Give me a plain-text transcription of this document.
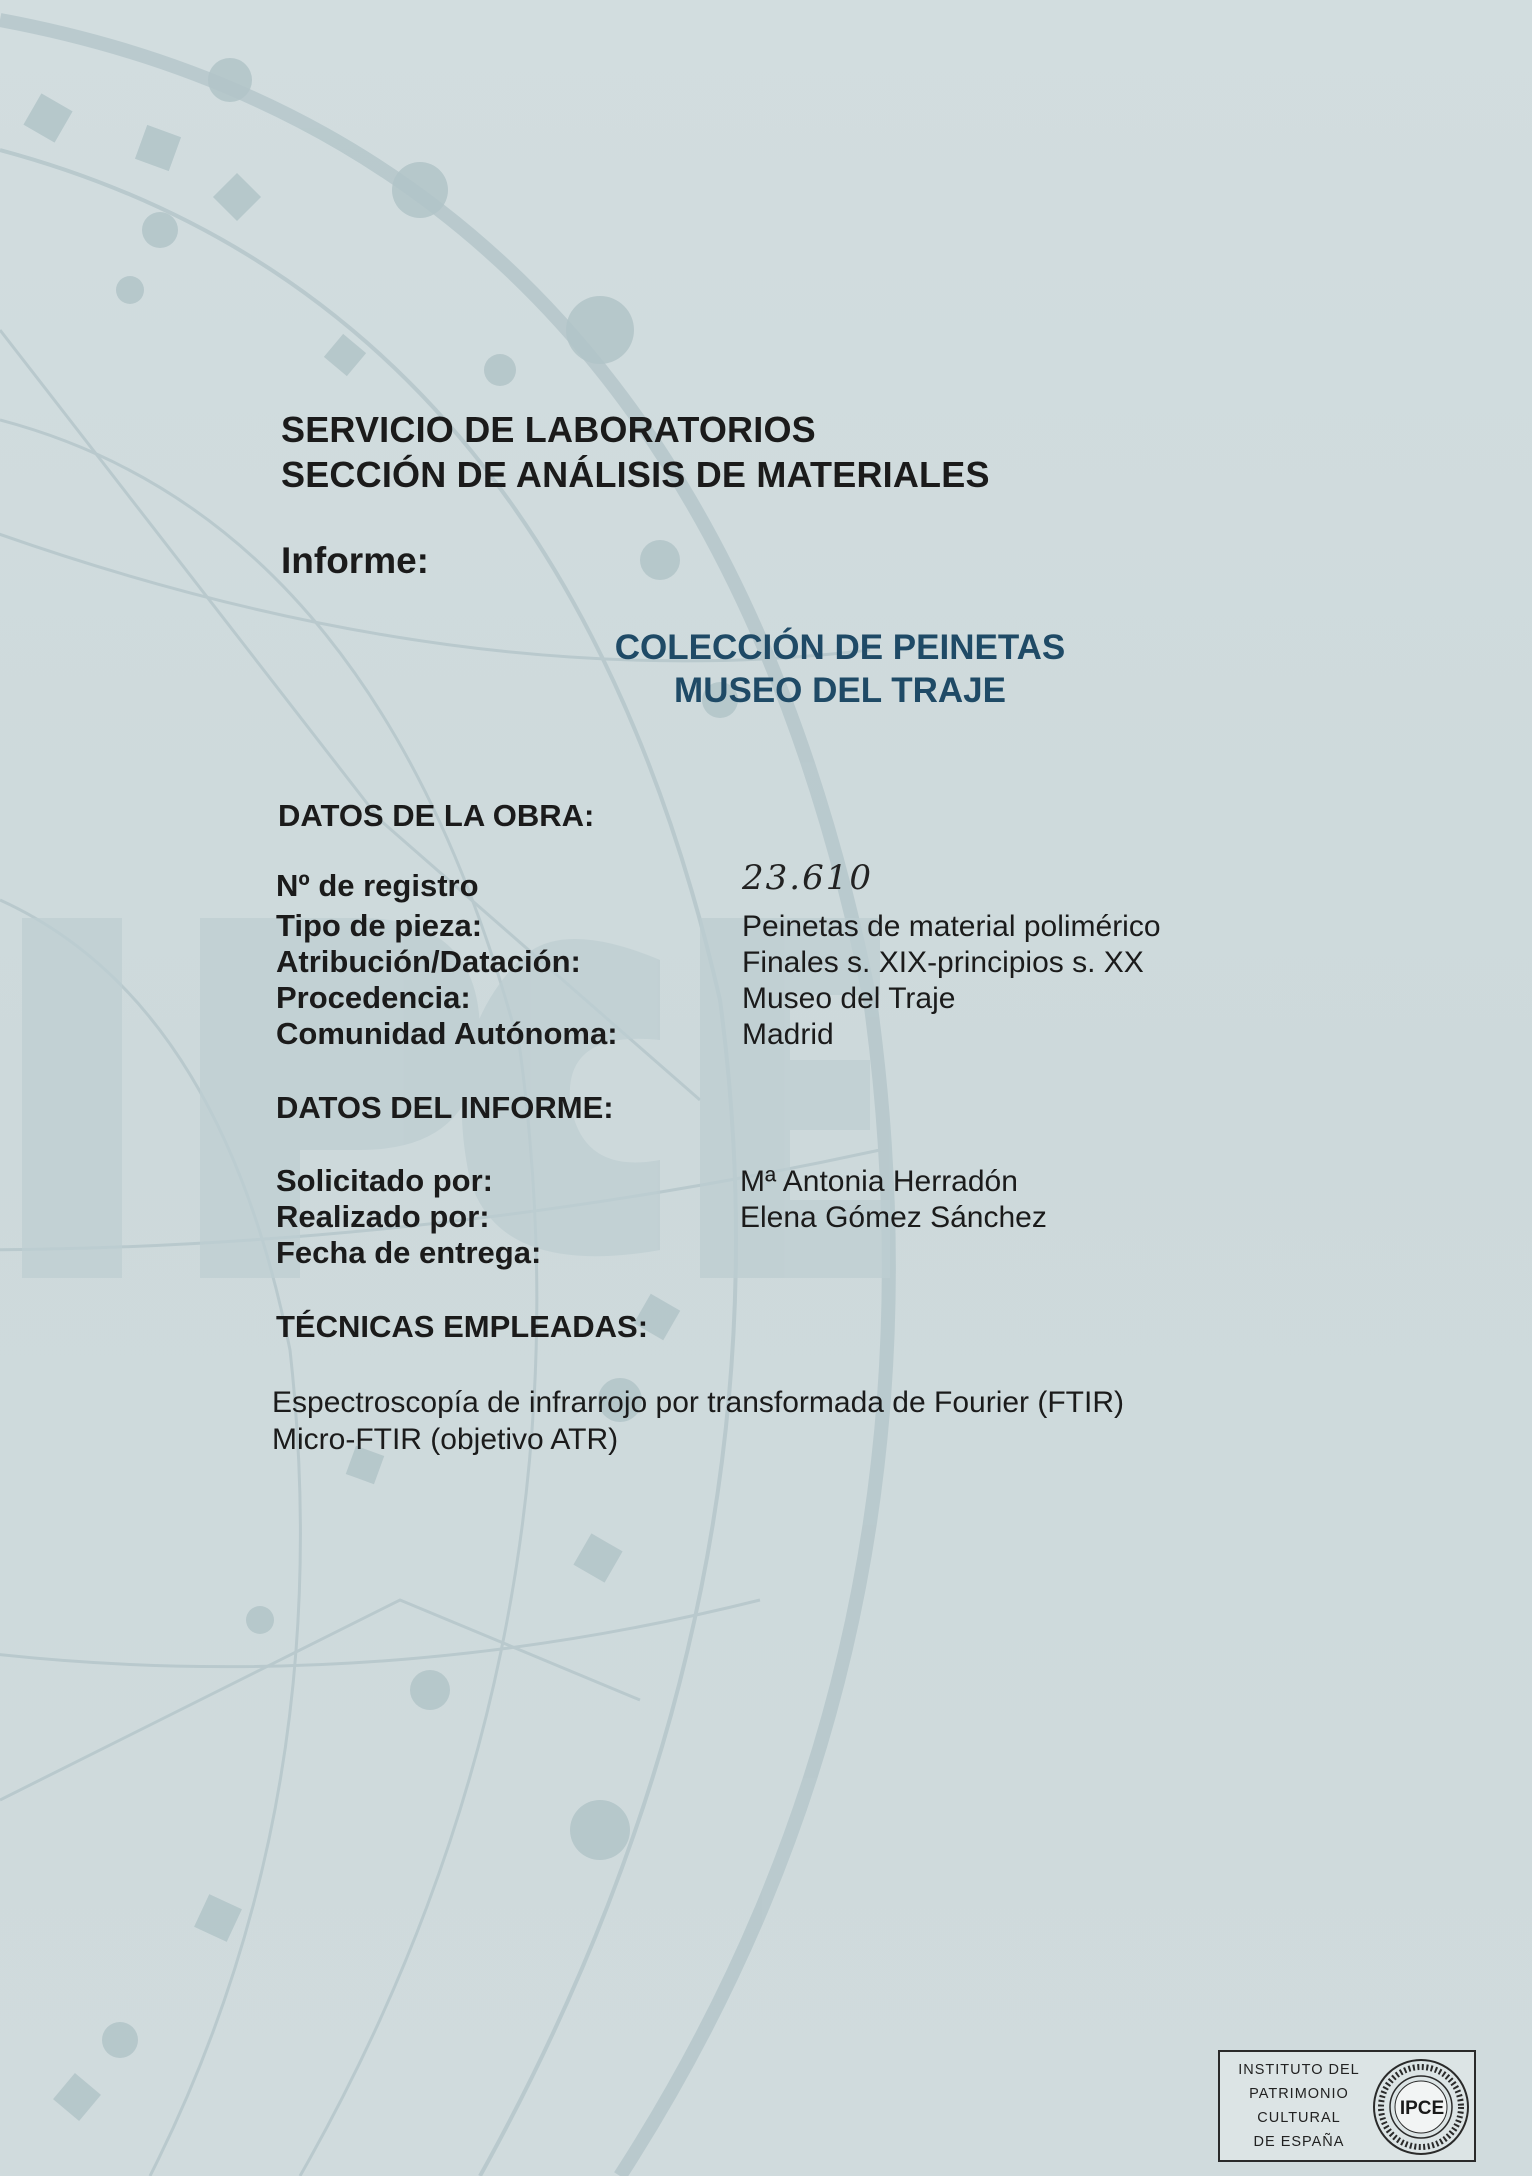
SERVICIO DE LABORATORIOS
SECCIÓN DE ANÁLISIS DE MATERIALES
Informe:
COLECCIÓN DE PEINETAS
MUSEO DEL TRAJE
DATOS DE LA OBRA:
Nº de registro	23.610
Tipo de pieza:	Peinetas de material polimérico
Atribución/Datación:	Finales s. XIX-principios s. XX
Procedencia:	Museo del Traje
Comunidad Autónoma:	Madrid
DATOS DEL INFORME:
Solicitado por:	Mª Antonia Herradón
Realizado por:	Elena Gómez Sánchez
Fecha de entrega:
TÉCNICAS EMPLEADAS:
Espectroscopía de infrarrojo por transformada de Fourier (FTIR)
Micro-FTIR (objetivo ATR)
INSTITUTO DEL
PATRIMONIO
CULTURAL
DE ESPAÑA
IPCE
